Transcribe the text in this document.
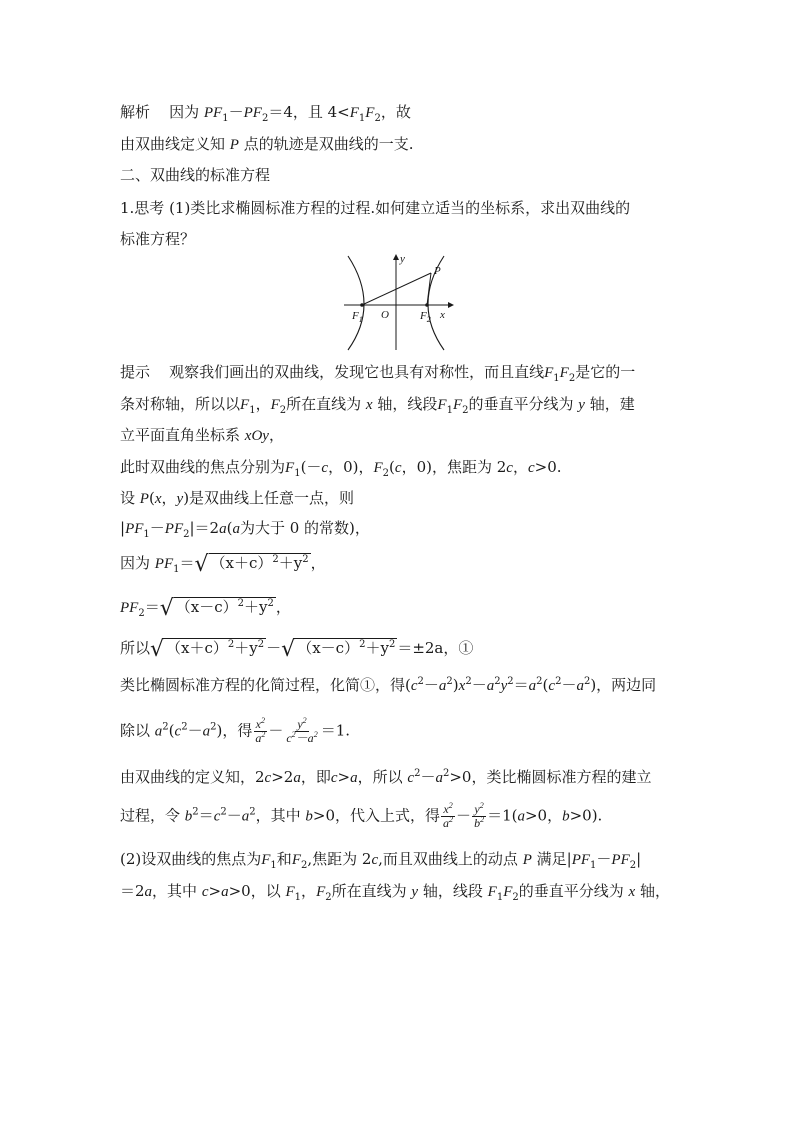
解析 因为 $PF_1-PF_2=4$，且 $4<F_1F_2$，故
由双曲线定义知 P 点的轨迹是双曲线的一支.
二、双曲线的标准方程
1.思考 (1)类比求椭圆标准方程的过程.如何建立适当的坐标系，求出双曲线的
标准方程？
y
x
P
O
$F_1$	$F_2$
提示 观察我们画出的双曲线，发现它也具有对称性，而且直线$F_1F_2$是它的一
条对称轴，所以以$F_1$，$F_2$所在直线为 x 轴，线段$F_1F_2$的垂直平分线为 y 轴，建
立平面直角坐标系 xOy，
此时双曲线的焦点分别为$F_1(-c$，0)，$F_2(c$，0)，焦距为 2c，c>0.
设 P(x，y)是双曲线上任意一点，则
$|PF_1-PF_2|=2a(a$为大于 0 的常数)，
因为 $PF_1=√$ $(x+c)^2+y^2$ ，
$PF_2=√$ $(x-c)^2+y^2$ ，
所以√ $(x+c)^2+y^2$ －√ $(x-c)^2+y^2 =\pm 2a$，①
类比椭圆标准方程的化简过程，化简①，得$(c^2-a^2)x^2-a^2y^2=a^2(c^2-a^2)$，两边同
除以 $a^2(c^2-a^2)$，得 $\frac{x^2}{a^2} - \frac{y^2}{c^2-a^2} =1$.
由双曲线的定义知，2c>2a，即c>a，所以 $c^2-a^2>0$，类比椭圆标准方程的建立
过程，令 $b^2=c^2-a^2$，其中 b>0，代入上式，得 $\frac{x^2}{a^2} - \frac{y^2}{b^2} =1(a>0$，b>0).
(2)设双曲线的焦点为$F_1$和$F_2$,焦距为 2c,而且双曲线上的动点 P 满足$|PF_1-PF_2|$
＝2a，其中 c>a>0，以 $F_1$，$F_2$所在直线为 y 轴，线段 $F_1F_2$的垂直平分线为 x 轴，
